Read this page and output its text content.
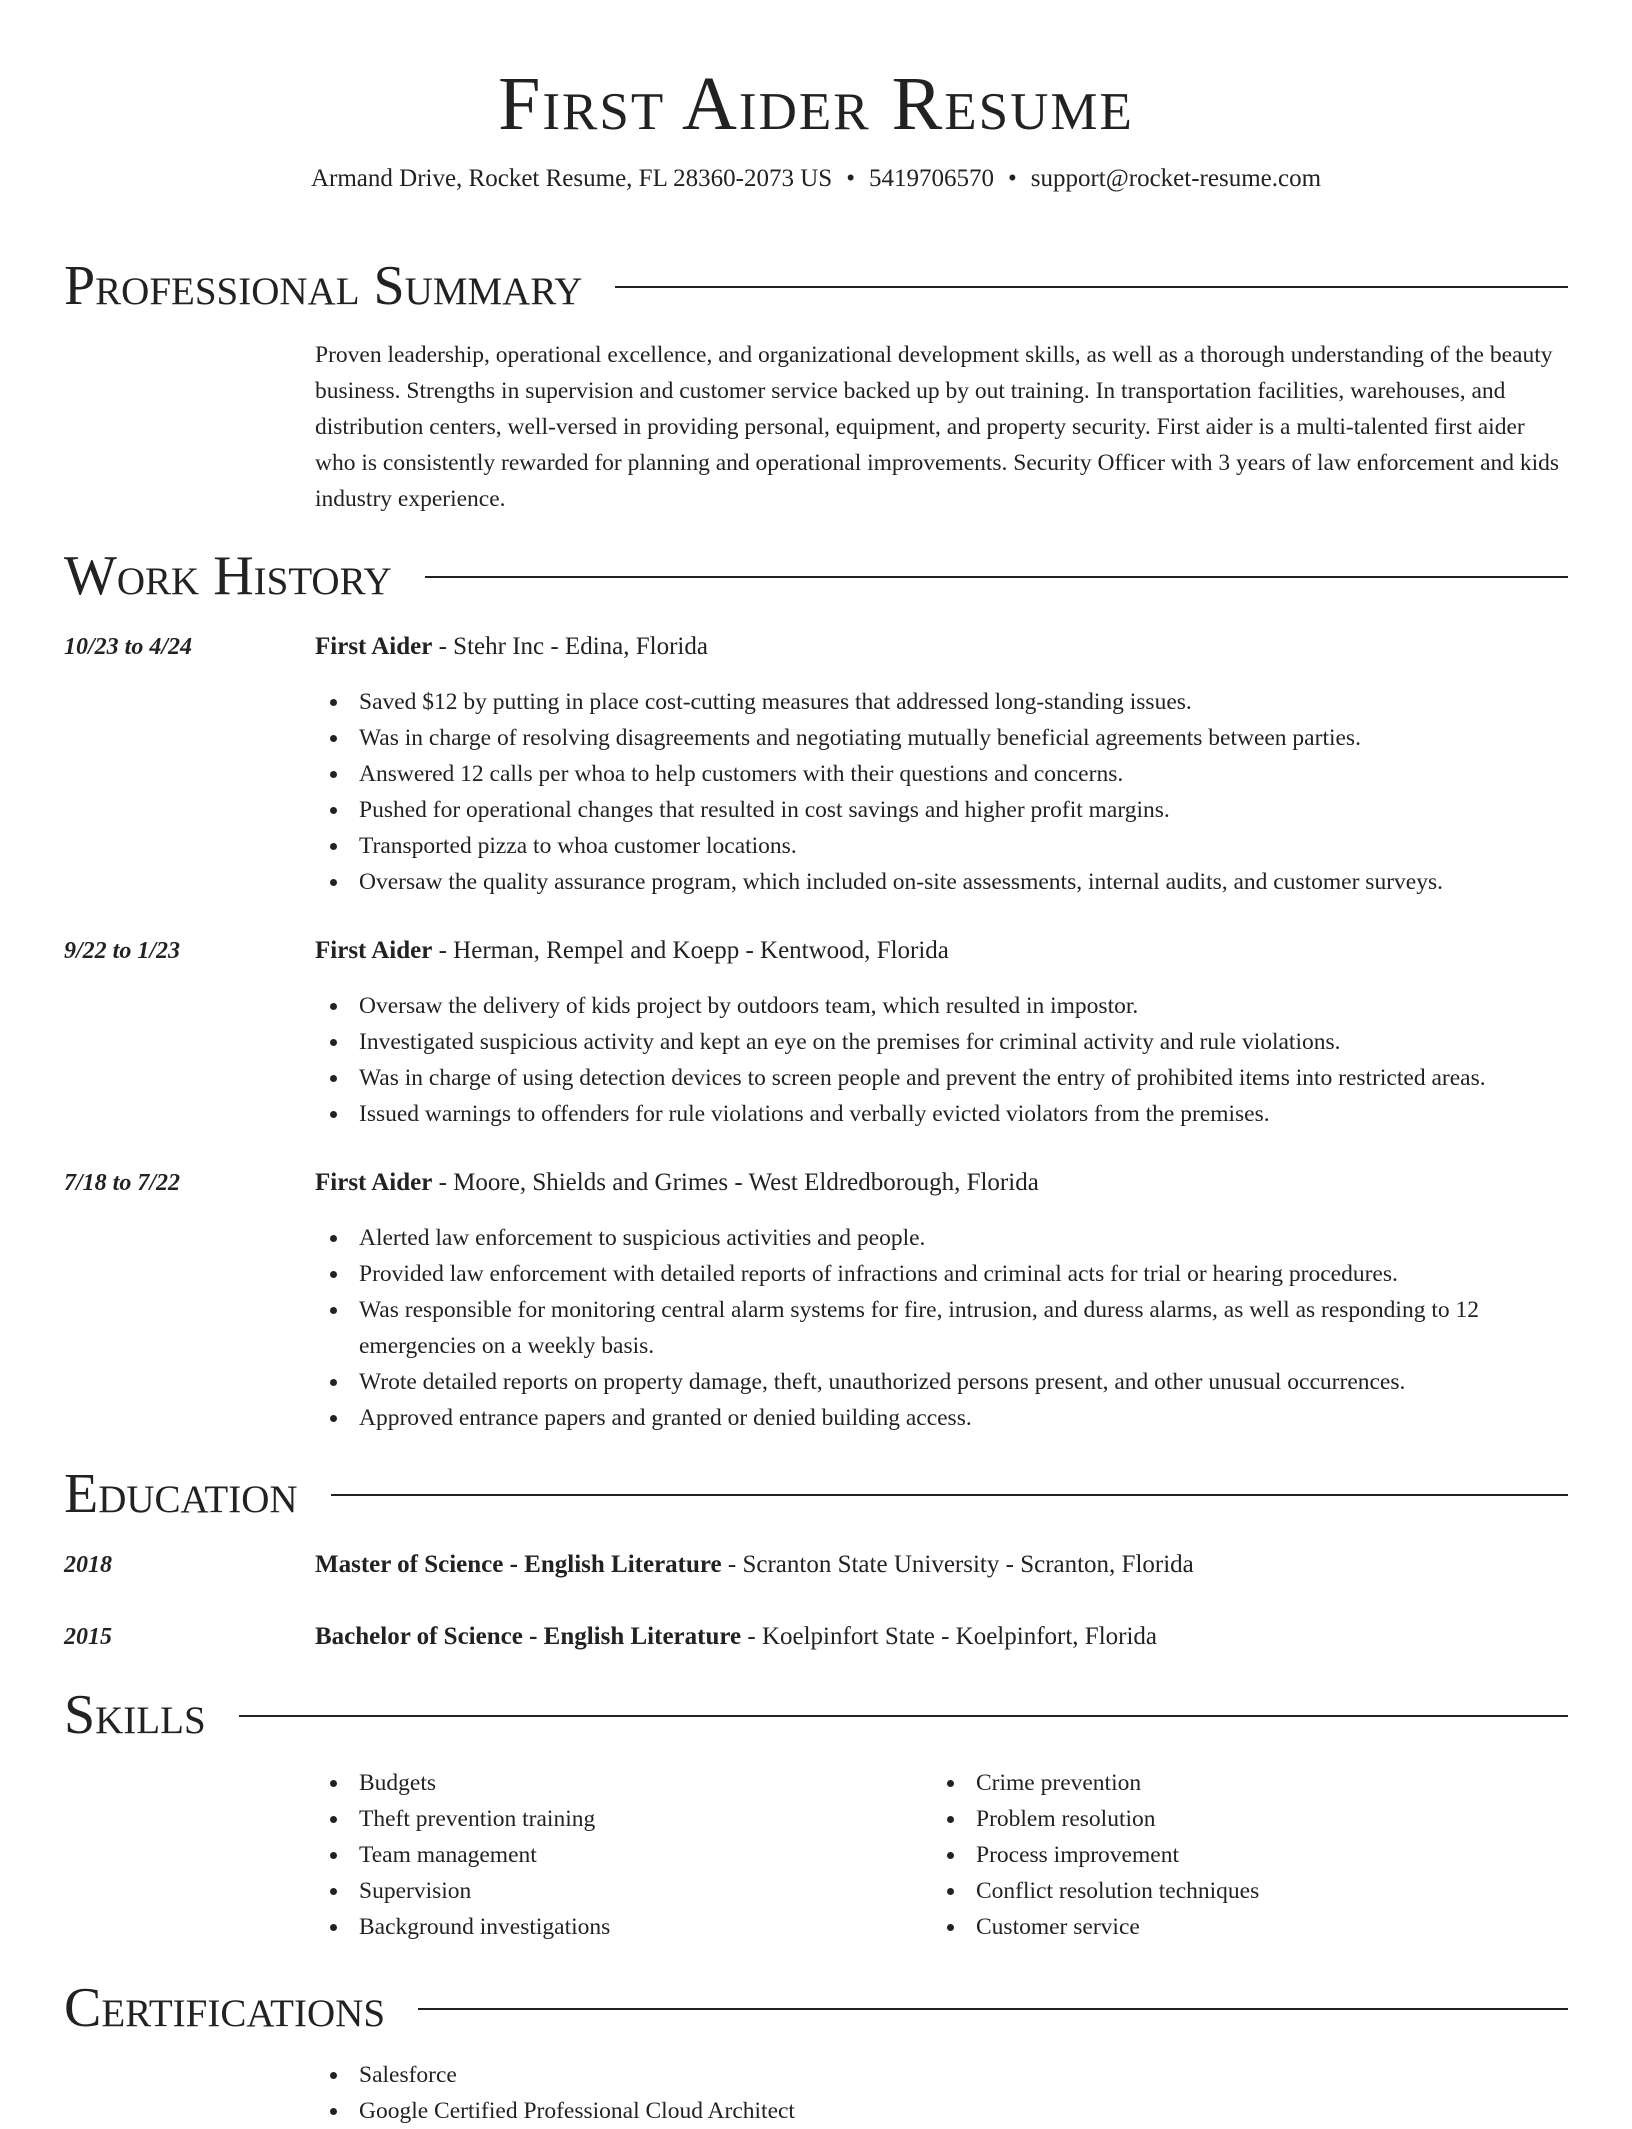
First Aider Resume
Armand Drive, Rocket Resume, FL 28360-2073 US • 5419706570 • support@rocket-resume.com
Professional Summary
Proven leadership, operational excellence, and organizational development skills, as well as a thorough understanding of the beauty business. Strengths in supervision and customer service backed up by out training. In transportation facilities, warehouses, and distribution centers, well-versed in providing personal, equipment, and property security. First aider is a multi-talented first aider who is consistently rewarded for planning and operational improvements. Security Officer with 3 years of law enforcement and kids industry experience.
Work History
10/23 to 4/24	First Aider - Stehr Inc - Edina, Florida
Saved $12 by putting in place cost-cutting measures that addressed long-standing issues.
Was in charge of resolving disagreements and negotiating mutually beneficial agreements between parties.
Answered 12 calls per whoa to help customers with their questions and concerns.
Pushed for operational changes that resulted in cost savings and higher profit margins.
Transported pizza to whoa customer locations.
Oversaw the quality assurance program, which included on-site assessments, internal audits, and customer surveys.
9/22 to 1/23	First Aider - Herman, Rempel and Koepp - Kentwood, Florida
Oversaw the delivery of kids project by outdoors team, which resulted in impostor.
Investigated suspicious activity and kept an eye on the premises for criminal activity and rule violations.
Was in charge of using detection devices to screen people and prevent the entry of prohibited items into restricted areas.
Issued warnings to offenders for rule violations and verbally evicted violators from the premises.
7/18 to 7/22	First Aider - Moore, Shields and Grimes - West Eldredborough, Florida
Alerted law enforcement to suspicious activities and people.
Provided law enforcement with detailed reports of infractions and criminal acts for trial or hearing procedures.
Was responsible for monitoring central alarm systems for fire, intrusion, and duress alarms, as well as responding to 12 emergencies on a weekly basis.
Wrote detailed reports on property damage, theft, unauthorized persons present, and other unusual occurrences.
Approved entrance papers and granted or denied building access.
Education
2018	Master of Science - English Literature - Scranton State University - Scranton, Florida
2015	Bachelor of Science - English Literature - Koelpinfort State - Koelpinfort, Florida
Skills
Budgets
Theft prevention training
Team management
Supervision
Background investigations
Crime prevention
Problem resolution
Process improvement
Conflict resolution techniques
Customer service
Certifications
Salesforce
Google Certified Professional Cloud Architect
